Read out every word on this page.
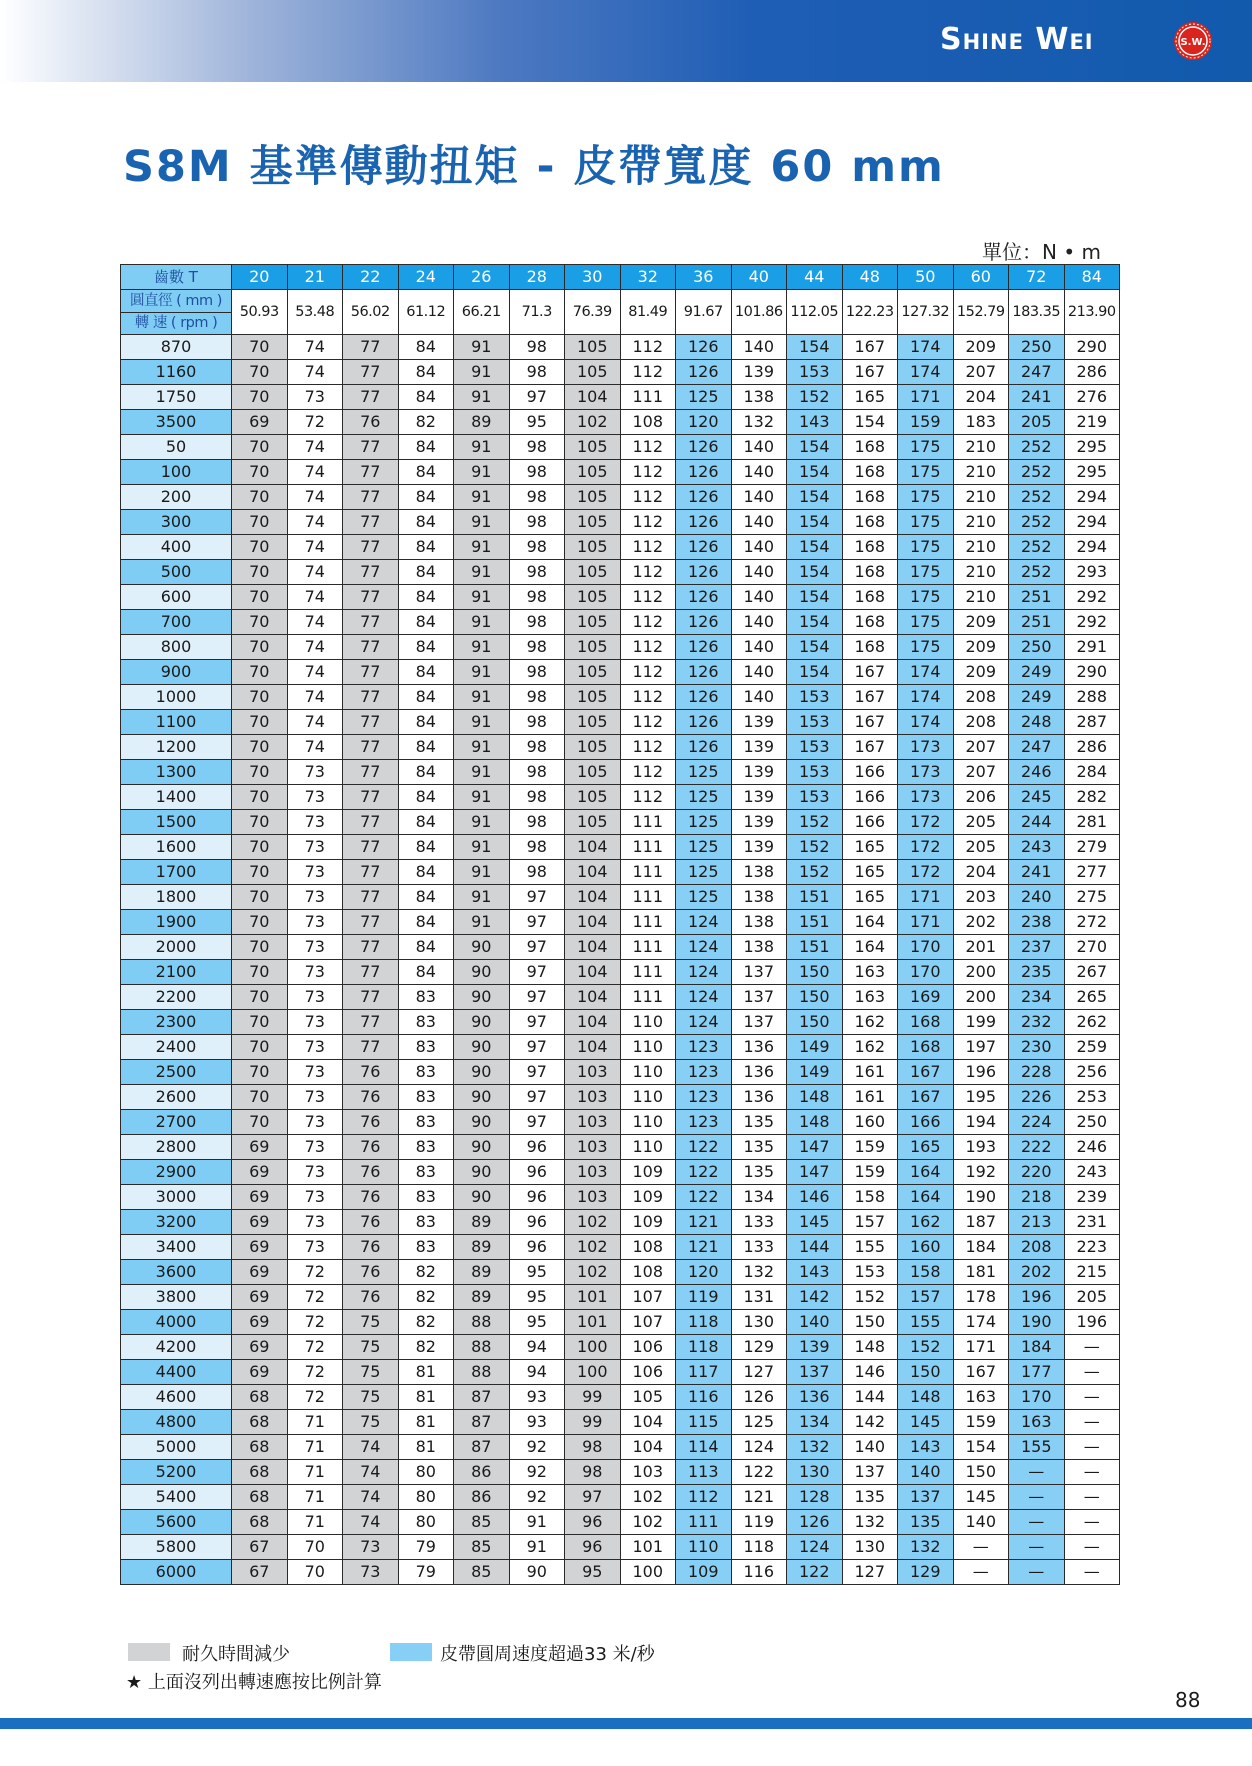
Shine Wei	S.W.
S8M 基準傳動扭矩 - 皮帶寬度 60 mm
單位：N • m
齒數 T	20	21	22	24	26	28	30	32	36	40	44	48	50	60	72	84

圓直徑 ( mm )
轉 速 ( rpm )	50.93	53.48	56.02	61.12	66.21	71.3	76.39	81.49	91.67	101.86	112.05	122.23	127.32	152.79	183.35	213.90
870	70	74	77	84	91	98	105	112	126	140	154	167	174	209	250	290
1160	70	74	77	84	91	98	105	112	126	139	153	167	174	207	247	286
1750	70	73	77	84	91	97	104	111	125	138	152	165	171	204	241	276
3500	69	72	76	82	89	95	102	108	120	132	143	154	159	183	205	219
50	70	74	77	84	91	98	105	112	126	140	154	168	175	210	252	295
100	70	74	77	84	91	98	105	112	126	140	154	168	175	210	252	295
200	70	74	77	84	91	98	105	112	126	140	154	168	175	210	252	294
300	70	74	77	84	91	98	105	112	126	140	154	168	175	210	252	294
400	70	74	77	84	91	98	105	112	126	140	154	168	175	210	252	294
500	70	74	77	84	91	98	105	112	126	140	154	168	175	210	252	293
600	70	74	77	84	91	98	105	112	126	140	154	168	175	210	251	292
700	70	74	77	84	91	98	105	112	126	140	154	168	175	209	251	292
800	70	74	77	84	91	98	105	112	126	140	154	168	175	209	250	291
900	70	74	77	84	91	98	105	112	126	140	154	167	174	209	249	290
1000	70	74	77	84	91	98	105	112	126	140	153	167	174	208	249	288
1100	70	74	77	84	91	98	105	112	126	139	153	167	174	208	248	287
1200	70	74	77	84	91	98	105	112	126	139	153	167	173	207	247	286
1300	70	73	77	84	91	98	105	112	125	139	153	166	173	207	246	284
1400	70	73	77	84	91	98	105	112	125	139	153	166	173	206	245	282
1500	70	73	77	84	91	98	105	111	125	139	152	166	172	205	244	281
1600	70	73	77	84	91	98	104	111	125	139	152	165	172	205	243	279
1700	70	73	77	84	91	98	104	111	125	138	152	165	172	204	241	277
1800	70	73	77	84	91	97	104	111	125	138	151	165	171	203	240	275
1900	70	73	77	84	91	97	104	111	124	138	151	164	171	202	238	272
2000	70	73	77	84	90	97	104	111	124	138	151	164	170	201	237	270
2100	70	73	77	84	90	97	104	111	124	137	150	163	170	200	235	267
2200	70	73	77	83	90	97	104	111	124	137	150	163	169	200	234	265
2300	70	73	77	83	90	97	104	110	124	137	150	162	168	199	232	262
2400	70	73	77	83	90	97	104	110	123	136	149	162	168	197	230	259
2500	70	73	76	83	90	97	103	110	123	136	149	161	167	196	228	256
2600	70	73	76	83	90	97	103	110	123	136	148	161	167	195	226	253
2700	70	73	76	83	90	97	103	110	123	135	148	160	166	194	224	250
2800	69	73	76	83	90	96	103	110	122	135	147	159	165	193	222	246
2900	69	73	76	83	90	96	103	109	122	135	147	159	164	192	220	243
3000	69	73	76	83	90	96	103	109	122	134	146	158	164	190	218	239
3200	69	73	76	83	89	96	102	109	121	133	145	157	162	187	213	231
3400	69	73	76	83	89	96	102	108	121	133	144	155	160	184	208	223
3600	69	72	76	82	89	95	102	108	120	132	143	153	158	181	202	215
3800	69	72	76	82	89	95	101	107	119	131	142	152	157	178	196	205
4000	69	72	75	82	88	95	101	107	118	130	140	150	155	174	190	196
4200	69	72	75	82	88	94	100	106	118	129	139	148	152	171	184	—
4400	69	72	75	81	88	94	100	106	117	127	137	146	150	167	177	—
4600	68	72	75	81	87	93	99	105	116	126	136	144	148	163	170	—
4800	68	71	75	81	87	93	99	104	115	125	134	142	145	159	163	—
5000	68	71	74	81	87	92	98	104	114	124	132	140	143	154	155	—
5200	68	71	74	80	86	92	98	103	113	122	130	137	140	150	—	—
5400	68	71	74	80	86	92	97	102	112	121	128	135	137	145	—	—
5600	68	71	74	80	85	91	96	102	111	119	126	132	135	140	—	—
5800	67	70	73	79	85	91	96	101	110	118	124	130	132	—	—	—
6000	67	70	73	79	85	90	95	100	109	116	122	127	129	—	—	—
耐久時間減少	皮帶圓周速度超過33 米/秒
★ 上面沒列出轉速應按比例計算
88
